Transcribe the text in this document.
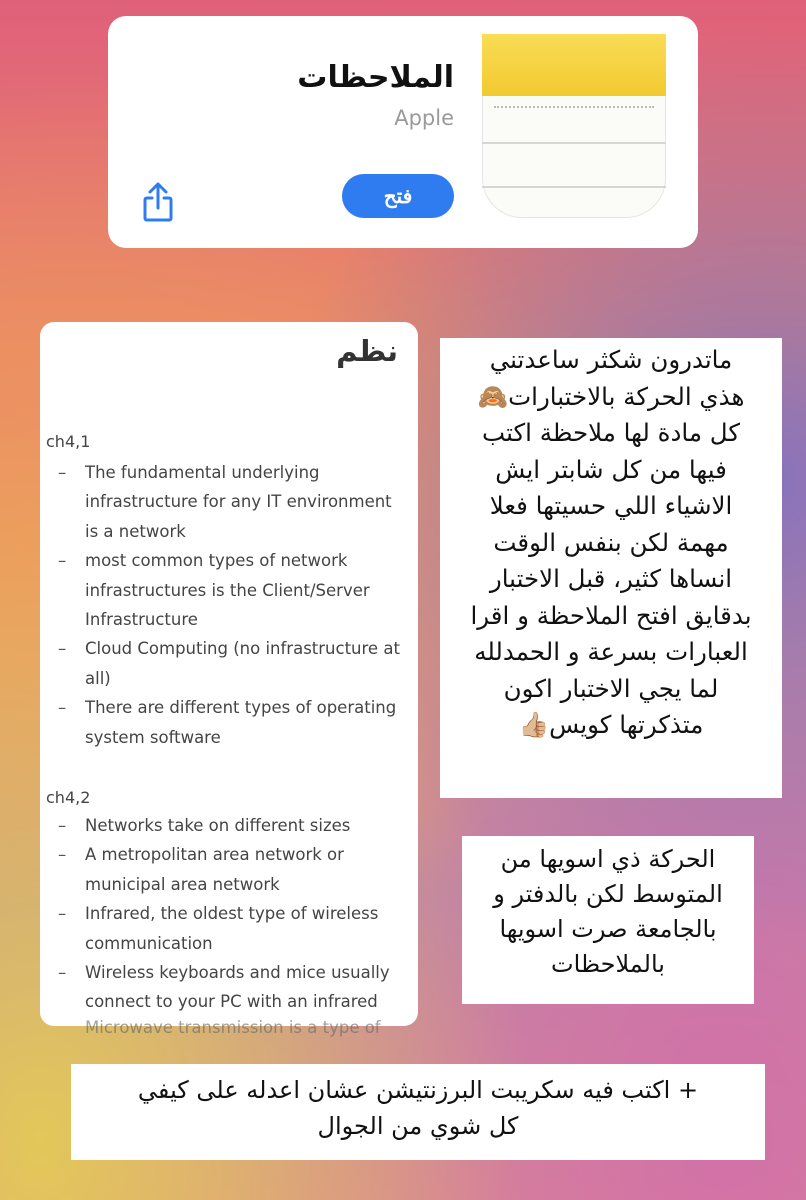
الملاحظات
Apple
فتح
نظم
ch4,1
– The fundamental underlying infrastructure for any IT environment is a network
– most common types of network infrastructures is the Client/Server Infrastructure
– Cloud Computing (no infrastructure at all)
– There are different types of operating system software
ch4,2
– Networks take on different sizes
– A metropolitan area network or municipal area network
– Infrared, the oldest type of wireless communication
– Wireless keyboards and mice usually connect to your PC with an infrared
Microwave transmission is a type of
ماتدرون شكثر ساعدتني
هذي الحركة بالاختبارات🙈
كل مادة لها ملاحظة اكتب
فيها من كل شابتر ايش
الاشياء اللي حسيتها فعلا
مهمة لكن بنفس الوقت
انساها كثير، قبل الاختبار
بدقايق افتح الملاحظة و اقرا
العبارات بسرعة و الحمدلله
لما يجي الاختبار اكون
متذكرتها كويس👍🏼
الحركة ذي اسويها من
المتوسط لكن بالدفتر و
بالجامعة صرت اسويها
بالملاحظات
+ اكتب فيه سكريبت البرزنتيشن عشان اعدله على كيفي
كل شوي من الجوال
